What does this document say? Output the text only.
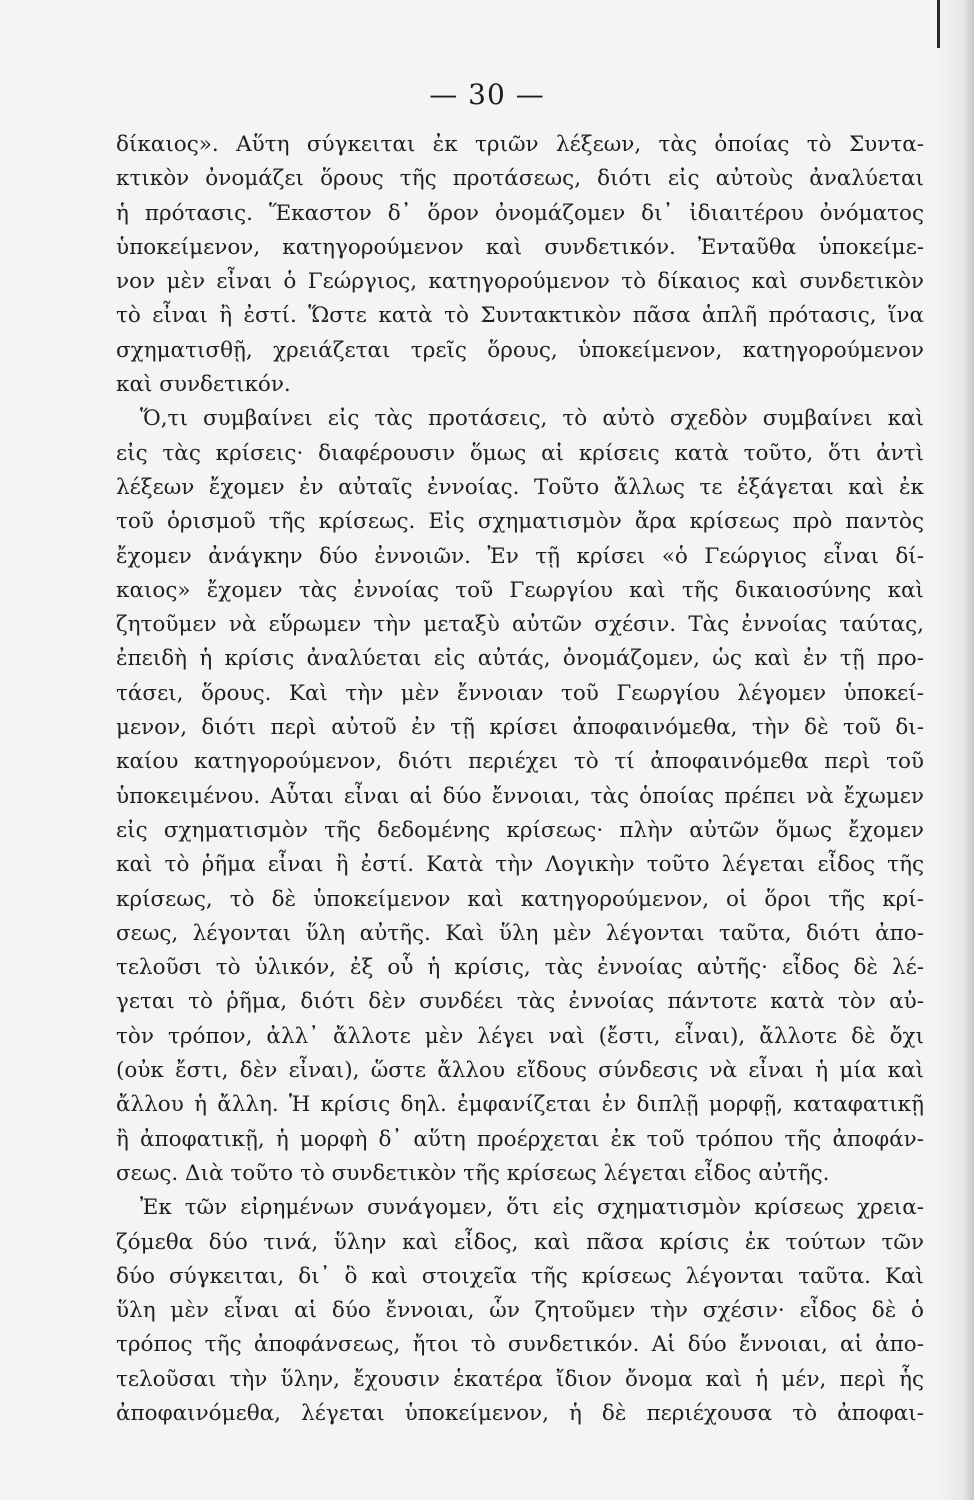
— 30 —
δίκαιος». Αὕτη σύγκειται ἐκ τριῶν λέξεων, τὰς ὁποίας τὸ Συντα-
κτικὸν ὀνομάζει ὅρους τῆς προτάσεως, διότι εἰς αὐτοὺς ἀναλύεται
ἡ πρότασις. Ἕκαστον δ᾽ ὅρον ὀνομάζομεν δι᾽ ἰδιαιτέρου ὀνόματος
ὑποκείμενον, κατηγορούμενον καὶ συνδετικόν. Ἐνταῦθα ὑποκείμε-
νον μὲν εἶναι ὁ Γεώργιος, κατηγορούμενον τὸ δίκαιος καὶ συνδετικὸν
τὸ εἶναι ἢ ἐστί. Ὥστε κατὰ τὸ Συντακτικὸν πᾶσα ἁπλῆ πρότασις, ἵνα
σχηματισθῇ, χρειάζεται τρεῖς ὅρους, ὑποκείμενον, κατηγορούμενον
καὶ συνδετικόν.
Ὅ,τι συμβαίνει εἰς τὰς προτάσεις, τὸ αὐτὸ σχεδὸν συμβαίνει καὶ
εἰς τὰς κρίσεις· διαφέρουσιν ὅμως αἱ κρίσεις κατὰ τοῦτο, ὅτι ἀντὶ
λέξεων ἔχομεν ἐν αὐταῖς ἐννοίας. Τοῦτο ἄλλως τε ἐξάγεται καὶ ἐκ
τοῦ ὁρισμοῦ τῆς κρίσεως. Εἰς σχηματισμὸν ἄρα κρίσεως πρὸ παντὸς
ἔχομεν ἀνάγκην δύο ἐννοιῶν. Ἐν τῇ κρίσει «ὁ Γεώργιος εἶναι δί-
καιος» ἔχομεν τὰς ἐννοίας τοῦ Γεωργίου καὶ τῆς δικαιοσύνης καὶ
ζητοῦμεν νὰ εὕρωμεν τὴν μεταξὺ αὐτῶν σχέσιν. Τὰς ἐννοίας ταύτας,
ἐπειδὴ ἡ κρίσις ἀναλύεται εἰς αὐτάς, ὀνομάζομεν, ὡς καὶ ἐν τῇ προ-
τάσει, ὅρους. Καὶ τὴν μὲν ἔννοιαν τοῦ Γεωργίου λέγομεν ὑποκεί-
μενον, διότι περὶ αὐτοῦ ἐν τῇ κρίσει ἀποφαινόμεθα, τὴν δὲ τοῦ δι-
καίου κατηγορούμενον, διότι περιέχει τὸ τί ἀποφαινόμεθα περὶ τοῦ
ὑποκειμένου. Αὗται εἶναι αἱ δύο ἔννοιαι, τὰς ὁποίας πρέπει νὰ ἔχωμεν
εἰς σχηματισμὸν τῆς δεδομένης κρίσεως· πλὴν αὐτῶν ὅμως ἔχομεν
καὶ τὸ ῥῆμα εἶναι ἢ ἐστί. Κατὰ τὴν Λογικὴν τοῦτο λέγεται εἶδος τῆς
κρίσεως, τὸ δὲ ὑποκείμενον καὶ κατηγορούμενον, οἱ ὅροι τῆς κρί-
σεως, λέγονται ὕλη αὐτῆς. Καὶ ὕλη μὲν λέγονται ταῦτα, διότι ἀπο-
τελοῦσι τὸ ὑλικόν, ἐξ οὗ ἡ κρίσις, τὰς ἐννοίας αὐτῆς· εἶδος δὲ λέ-
γεται τὸ ῥῆμα, διότι δὲν συνδέει τὰς ἐννοίας πάντοτε κατὰ τὸν αὐ-
τὸν τρόπον, ἀλλ᾽ ἄλλοτε μὲν λέγει ναὶ (ἔστι, εἶναι), ἄλλοτε δὲ ὄχι
(οὐκ ἔστι, δὲν εἶναι), ὥστε ἄλλου εἴδους σύνδεσις νὰ εἶναι ἡ μία καὶ
ἄλλου ἡ ἄλλη. Ἡ κρίσις δηλ. ἐμφανίζεται ἐν διπλῇ μορφῇ, καταφατικῇ
ἢ ἀποφατικῇ, ἡ μορφὴ δ᾽ αὕτη προέρχεται ἐκ τοῦ τρόπου τῆς ἀποφάν-
σεως. Διὰ τοῦτο τὸ συνδετικὸν τῆς κρίσεως λέγεται εἶδος αὐτῆς.
Ἐκ τῶν εἰρημένων συνάγομεν, ὅτι εἰς σχηματισμὸν κρίσεως χρεια-
ζόμεθα δύο τινά, ὕλην καὶ εἶδος, καὶ πᾶσα κρίσις ἐκ τούτων τῶν
δύο σύγκειται, δι᾽ ὃ καὶ στοιχεῖα τῆς κρίσεως λέγονται ταῦτα. Καὶ
ὕλη μὲν εἶναι αἱ δύο ἔννοιαι, ὧν ζητοῦμεν τὴν σχέσιν· εἶδος δὲ ὁ
τρόπος τῆς ἀποφάνσεως, ἤτοι τὸ συνδετικόν. Αἱ δύο ἔννοιαι, αἱ ἀπο-
τελοῦσαι τὴν ὕλην, ἔχουσιν ἑκατέρα ἴδιον ὄνομα καὶ ἡ μέν, περὶ ἧς
ἀποφαινόμεθα, λέγεται ὑποκείμενον, ἡ δὲ περιέχουσα τὸ ἀποφαι-
